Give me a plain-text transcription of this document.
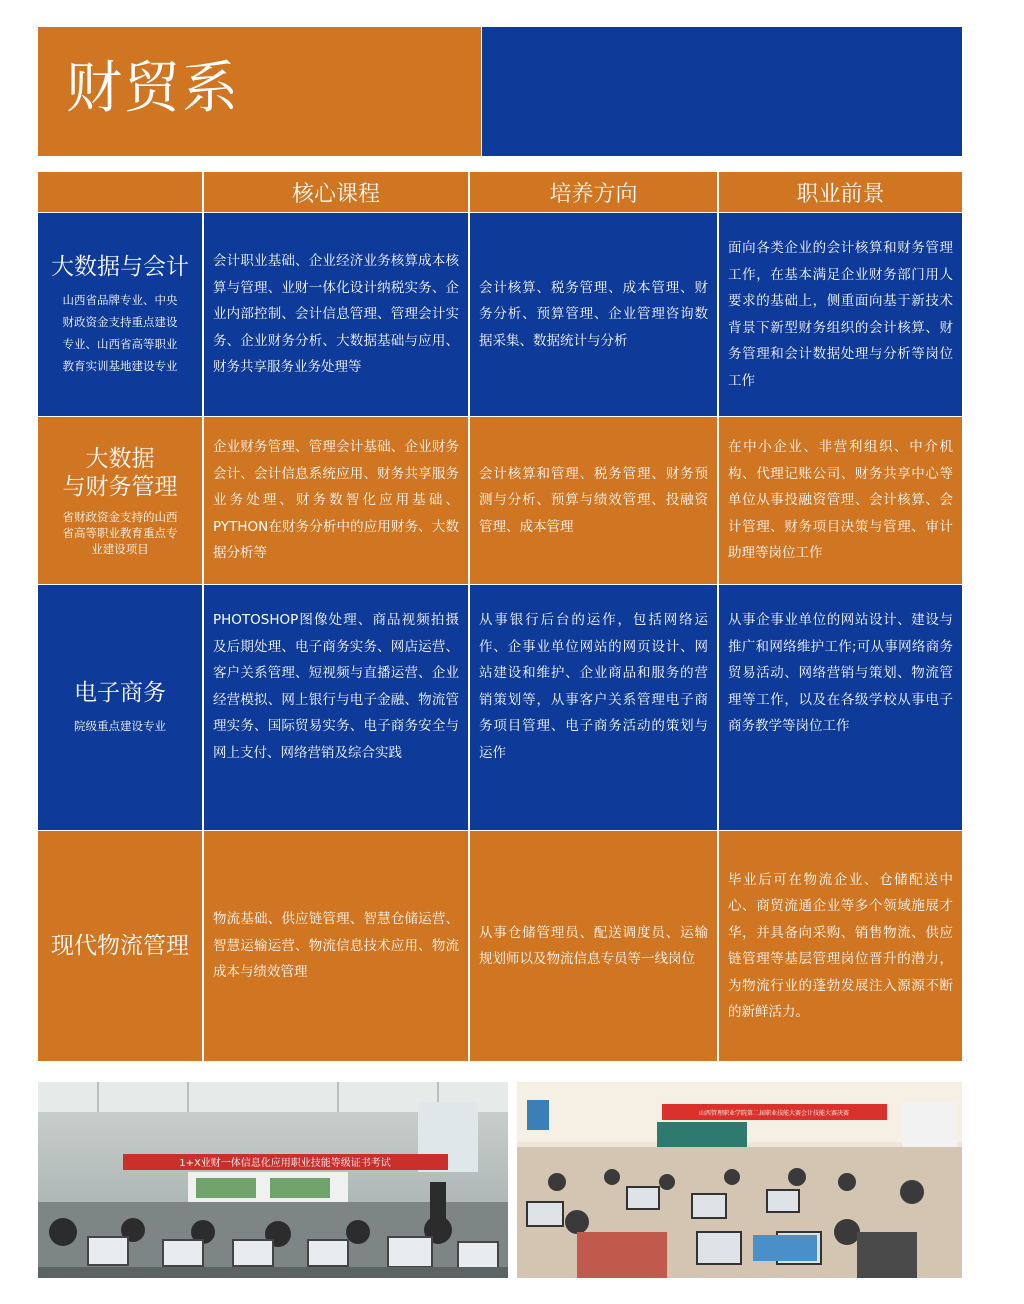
财贸系
核心课程	培养方向	职业前景
大数据与会计
山西省品牌专业、中央
财政资金支持重点建设
专业、山西省高等职业
教育实训基地建设专业
会计职业基础、企业经济业务核算成本核算与管理、业财一体化设计纳税实务、企业内部控制、会计信息管理、管理会计实务、企业财务分析、大数据基础与应用、财务共享服务业务处理等
会计核算、税务管理、成本管理、财务分析、预算管理、企业管理咨询数据采集、数据统计与分析
面向各类企业的会计核算和财务管理工作，在基本满足企业财务部门用人要求的基础上，侧重面向基于新技术背景下新型财务组织的会计核算、财务管理和会计数据处理与分析等岗位工作
大数据
与财务管理
省财政资金支持的山西
省高等职业教育重点专
业建设项目
企业财务管理、管理会计基础、企业财务会计、会计信息系统应用、财务共享服务业务处理、财务数智化应用基础、PYTHON在财务分析中的应用财务、大数据分析等
会计核算和管理、税务管理、财务预测与分析、预算与绩效管理、投融资管理、成本管理
在中小企业、非营利组织、中介机构、代理记账公司、财务共享中心等单位从事投融资管理、会计核算、会计管理、财务项目决策与管理、审计助理等岗位工作
电子商务
院级重点建设专业
PHOTOSHOP图像处理、商品视频拍摄及后期处理、电子商务实务、网店运营、客户关系管理、短视频与直播运营、企业经营模拟、网上银行与电子金融、物流管理实务、国际贸易实务、电子商务安全与网上支付、网络营销及综合实践
从事银行后台的运作，包括网络运作、企事业单位网站的网页设计、网站建设和维护、企业商品和服务的营销策划等，从事客户关系管理电子商务项目管理、电子商务活动的策划与运作
从事企事业单位的网站设计、建设与推广和网络维护工作;可从事网络商务贸易活动、网络营销与策划、物流管理等工作，以及在各级学校从事电子商务教学等岗位工作
现代物流管理
物流基础、供应链管理、智慧仓储运营、智慧运输运营、物流信息技术应用、物流成本与绩效管理
从事仓储管理员、配送调度员、运输规划师以及物流信息专员等一线岗位
毕业后可在物流企业、仓储配送中心、商贸流通企业等多个领域施展才华，并具备向采购、销售物流、供应链管理等基层管理岗位晋升的潜力，为物流行业的蓬勃发展注入源源不断的新鲜活力。
1+X业财一体信息化应用职业技能等级证书考试
山西管理职业学院第二届职业技能大赛会计技能大赛决赛
